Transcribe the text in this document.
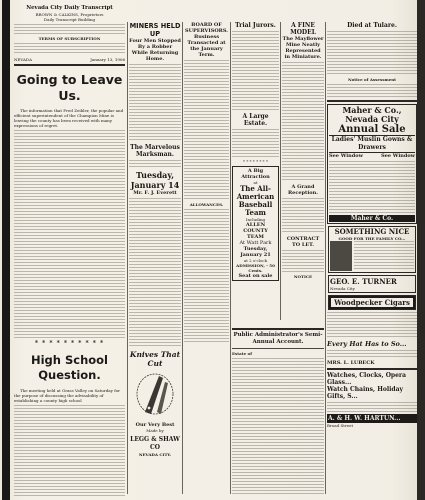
Nevada City Daily Transcript
BROWN & CALKINS, Proprietors
Daily Transcript Building
TERMS OF SUBSCRIPTION
NEVADA	January 13, 1906
Going to Leave Us.
The information that Fred Zeibler, the popular and efficient superintendent of the Champion Mine is leaving the county has been received with many expressions of regret.
* * * * * * * * * *
High School Question.
The meeting held at Grass Valley on Saturday for the purpose of discussing the advisability of establishing a county high school
MINERS HELD UP
Four Men Stopped By a Robber While Returning Home.
The Marvelous Marksman.
Tuesday, January 14
Mr. F. J. Everett
Knives That Cut
Our Very Best
Made by
LEGG & SHAW CO
NEVADA CITY.
BOARD OF SUPERVISORS.
Business Transacted at the January Term.
ALLOWANCES.
Trial Jurors.
A Large Estate.
* * * * * * * *
A Big Attraction
at
The All-American Baseball Team
Including
ALLEN COUNTY TEAM
At Watt Park
Tuesday, January 21
at 2 o'clock
ADMISSION, - 50 Cents.
Seat on sale
A FINE MODEL
The Mayflower Mine Neatly Represented in Miniature.
A Grand Reception.
CONTRACT TO LET.
NOTICE
Died at Tulare.
Notice of Assessment
Maher & Co., Nevada City
Annual Sale
Ladies' Muslin Gowns & Drawers
See Window	See Window
Maher & Co.
SOMETHING NICE
GOOD FOR THE FAMILY CO...
GEO. E. TURNER
Nevada City
Woodpecker Cigars
Every Hat Has to So...
MRS. L. LUBECK
Watches, Clocks, Opera Glass...
Watch Chains, Holiday Gifts, S...
A. & H. W. HARTUN...
Broad Street
Public Administrator's Semi-Annual Account.
Estate of
